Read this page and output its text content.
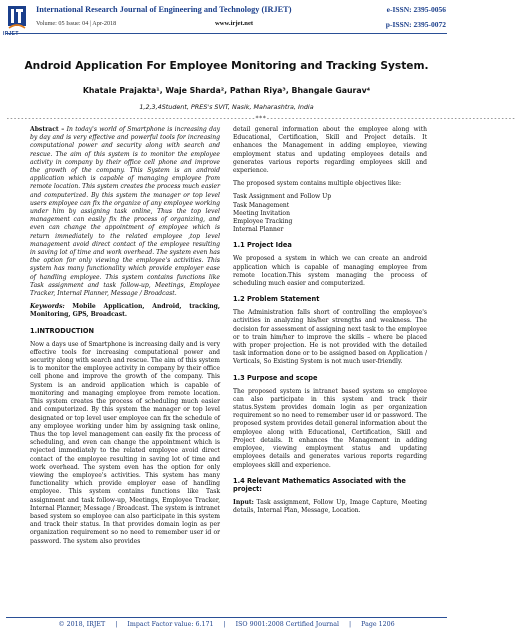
IRJET
International Research Journal of Engineering and Technology (IRJET)	e-ISSN: 2395-0056
Volume: 05 Issue: 04 | Apr-2018	www.irjet.net	p-ISSN: 2395-0072
Android Application For Employee Monitoring and Tracking System.
Khatale Prajakta¹, Waje Sharda², Pathan Riya³, Bhangale Gaurav⁴
1,2,3,4Student, PRES's SVIT, Nasik, Maharashtra, India
---------------------------------------------------------------------***---------------------------------------------------------------------

Abstract – In today's world of Smartphone is increasing day by day and is very effective and powerful tools for increasing computational power and security along with search and rescue. The aim of this system is to monitor the employee activity in company by their office cell phone and improve the growth of the company. This System is an android application which is capable of managing employee from remote location. This system creates the process much easier and computerized. By this system the manager or top level users employee can fix the organize of any employee working under him by assigning task online, Thus the top level management can easily fix the process of organizing, and even can change the appointment of employee which is return immediately to the related employee ,top level management avoid direct contact of the employee resulting in saving lot of time and work overhead. The system even has the option for only viewing the employee's activities. This system has many functionality which provide employer ease of handling employee. This system contains functions like Task assignment and task follow-up, Meetings, Employee Tracker, Internal Planner, Message / Broadcast.

Keywords: Mobile Application, Android, tracking, Monitoring, GPS, Broadcast.

1.INTRODUCTION

Now a days use of Smartphone is increasing daily and is very effective tools for increasing computational power and security along with search and rescue. The aim of this system is to monitor the employee activity in company by their office cell phone and improve the growth of the company. This System is an android application which is capable of monitoring and managing employee from remote location. This system creates the process of scheduling much easier and computerized. By this system the manager or top level designated or top level user employee can fix the schedule of any employee working under him by assigning task online, Thus the top level management can easily fix the process of scheduling, and even can change the appointment which is rejected immediately to the related employee avoid direct contact of the employee resulting in saving lot of time and work overhead. The system even has the option for only viewing the employee's activities. This system has many functionality which provide employer ease of handling employee. This system contains functions like Task assignment and task follow-up, Meetings, Employee Tracker, Internal Planner, Message / Broadcast. The system is intranet based system so employee can also participate in this system and track their status. In that provides domain login as per organization requirement so no need to remember user id or password. The system also provides

detail general information about the employee along with Educational, Certification, Skill and Project details. It enhances the Management in adding employee, viewing employment status and updating employees details and generates various reports regarding employees skill and experience.

The proposed system contains multiple objectives like:

Task Assignment and Follow Up
Task Management
Meeting Invitation
Employee Tracking
Internal Planner
1.1 Project Idea

We proposed a system in which we can create an android application which is capable of managing employee from remote location.This system managing the process of scheduling much easier and computerized.

1.2 Problem Statement

The Administration falls short of controlling the employee's activities in analyzing his/her strengths and weakness. The decision for assessment of assigning next task to the employee or to train him/her to improve the skills – where be placed with proper projection. He is not provided with the detailed task information done or to be assigned based on Application / Verticals, So Existing System is not much user-friendly.

1.3 Purpose and scope

The proposed system is intranet based system so employee can also participate in this system and track their status.System provides domain login as per organization requirement so no need to remember user id or password. The proposed system provides detail general information about the employee along with Educational, Certification, Skill and Project details. It enhances the Management in adding employee, viewing employment status and updating employees details and generates various reports regarding employees skill and experience.

1.4 Relevant Mathematics Associated with the project:

Input: Task assignment, Follow Up, Image Capture, Meeting details, Internal Plan, Message, Location.

© 2018, IRJET     |     Impact Factor value: 6.171     |     ISO 9001:2008 Certified Journal     |     Page 1206
